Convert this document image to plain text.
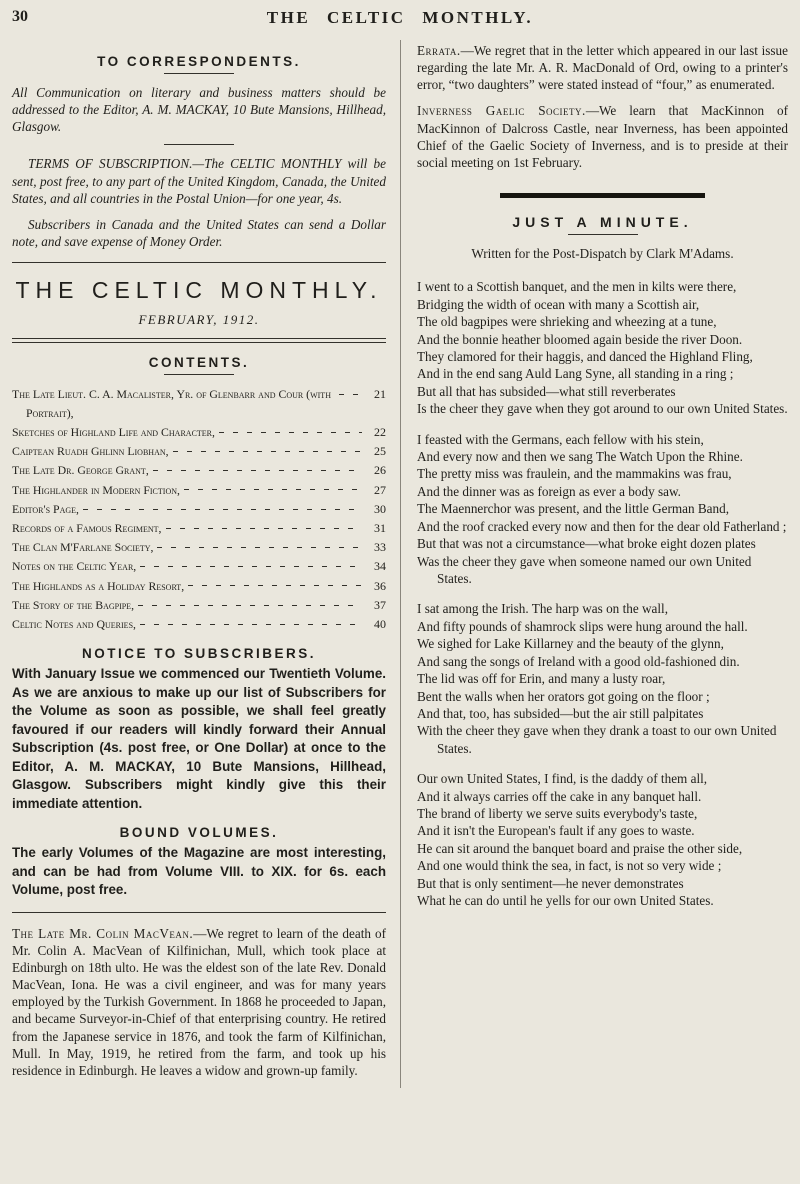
30	THE CELTIC MONTHLY.
TO CORRESPONDENTS.

All Communication on literary and business matters should be addressed to the Editor, A. M. MACKAY, 10 Bute Mansions, Hillhead, Glasgow.

TERMS OF SUBSCRIPTION.—The CELTIC MONTHLY will be sent, post free, to any part of the United Kingdom, Canada, the United States, and all countries in the Postal Union—for one year, 4s.

Subscribers in Canada and the United States can send a Dollar note, and save expense of Money Order.

THE CELTIC MONTHLY.
FEBRUARY, 1912.
CONTENTS.
The Late Lieut. C. A. Macalister, Yr. of Glenbarr and Cour (with Portrait),
21
Sketches of Highland Life and Character,	22
Caiptean Ruadh Ghlinn Liobhan,	25
The Late Dr. George Grant,	26
The Highlander in Modern Fiction,	27
Editor's Page,	30
Records of a Famous Regiment,	31
The Clan M'Farlane Society,	33
Notes on the Celtic Year,	34
The Highlands as a Holiday Resort,	36
The Story of the Bagpipe,	37
Celtic Notes and Queries,	40
NOTICE TO SUBSCRIBERS.

With January Issue we commenced our Twentieth Volume. As we are anxious to make up our list of Subscribers for the Volume as soon as possible, we shall feel greatly favoured if our readers will kindly forward their Annual Subscription (4s. post free, or One Dollar) at once to the Editor, A. M. MACKAY, 10 Bute Mansions, Hillhead, Glasgow. Subscribers might kindly give this their immediate attention.

BOUND VOLUMES.

The early Volumes of the Magazine are most interesting, and can be had from Volume VIII. to XIX. for 6s. each Volume, post free.

The Late Mr. Colin MacVean.—We regret to learn of the death of Mr. Colin A. MacVean of Kilfinichan, Mull, which took place at Edinburgh on 18th ulto. He was the eldest son of the late Rev. Donald MacVean, Iona. He was a civil engineer, and was for many years employed by the Turkish Government. In 1868 he proceeded to Japan, and became Surveyor-in-Chief of that enterprising country. He retired from the Japanese service in 1876, and took the farm of Kilfinichan, Mull. In May, 1919, he retired from the farm, and took up his residence in Edinburgh. He leaves a widow and grown-up family.

Errata.—We regret that in the letter which appeared in our last issue regarding the late Mr. A. R. MacDonald of Ord, owing to a printer's error, “two daughters” were stated instead of “four,” as enumerated.

Inverness Gaelic Society.—We learn that MacKinnon of MacKinnon of Dalcross Castle, near Inverness, has been appointed Chief of the Gaelic Society of Inverness, and is to preside at their social meeting on 1st February.

JUST A MINUTE.

Written for the Post-Dispatch by Clark M'Adams.

I went to a Scottish banquet, and the men in kilts were there,
Bridging the width of ocean with many a Scottish air,
The old bagpipes were shrieking and wheezing at a tune,
And the bonnie heather bloomed again beside the river Doon.
They clamored for their haggis, and danced the Highland Fling,
And in the end sang Auld Lang Syne, all standing in a ring ;
But all that has subsided—what still reverberates
Is the cheer they gave when they got around to our own United States.
I feasted with the Germans, each fellow with his stein,
And every now and then we sang The Watch Upon the Rhine.
The pretty miss was fraulein, and the mammakins was frau,
And the dinner was as foreign as ever a body saw.
The Maennerchor was present, and the little German Band,
And the roof cracked every now and then for the dear old Fatherland ;
But that was not a circumstance—what broke eight dozen plates
Was the cheer they gave when someone named our own United States.
I sat among the Irish. The harp was on the wall,
And fifty pounds of shamrock slips were hung around the hall.
We sighed for Lake Killarney and the beauty of the glynn,
And sang the songs of Ireland with a good old-fashioned din.
The lid was off for Erin, and many a lusty roar,
Bent the walls when her orators got going on the floor ;
And that, too, has subsided—but the air still palpitates
With the cheer they gave when they drank a toast to our own United States.
Our own United States, I find, is the daddy of them all,
And it always carries off the cake in any banquet hall.
The brand of liberty we serve suits everybody's taste,
And it isn't the European's fault if any goes to waste.
He can sit around the banquet board and praise the other side,
And one would think the sea, in fact, is not so very wide ;
But that is only sentiment—he never demonstrates
What he can do until he yells for our own United States.
